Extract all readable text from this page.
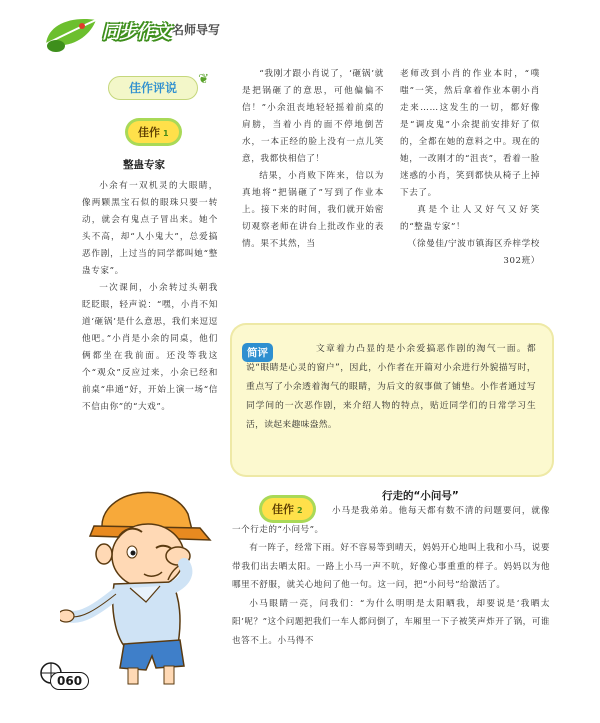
同步作文 名师导写
佳作评说
❦
佳作 1
整蛊专家

小余有一双机灵的大眼睛，像两颗黑宝石似的眼珠只要一转动，就会有鬼点子冒出来。她个头不高，却“人小鬼大”，总爱搞恶作剧，上过当的同学都叫她“整蛊专家”。

一次课间，小余转过头朝我眨眨眼，轻声说：“嘿，小肖不知道‘砸锅’是什么意思，我们来逗逗他吧。”小肖是小余的同桌，他们俩都坐在我前面。还没等我这个“观众”反应过来，小余已经和前桌“串通”好，开始上演一场“信不信由你”的“大戏”。

“我刚才跟小肖说了，‘砸锅’就是把锅砸了的意思，可他偏偏不信！”小余沮丧地轻轻摇着前桌的肩膀，当着小肖的面不停地倒苦水，一本正经的脸上没有一点儿笑意，我都快相信了！

结果，小肖败下阵来，信以为真地将“把锅砸了”写到了作业本上。接下来的时间，我们就开始密切观察老师在讲台上批改作业的表情。果不其然，当

老师改到小肖的作业本时，“噗嗤”一笑，然后拿着作业本朝小肖走来……这发生的一切，都好像是“调皮鬼”小余提前安排好了似的，全都在她的意料之中。现在的她，一改刚才的“沮丧”，看着一脸迷惑的小肖，笑到都快从椅子上掉下去了。

真是个让人又好气又好笑的“整蛊专家”！

（徐曼佳/宁波市镇海区乔梓学校302班）

简评	文章着力凸显的是小余爱搞恶作剧的淘气一面。都说“眼睛是心灵的窗户”，因此，小作者在开篇对小余进行外貌描写时，重点写了小余透着淘气的眼睛，为后文的叙事做了铺垫。小作者通过写同学间的一次恶作剧，来介绍人物的特点，贴近同学们的日常学习生活，读起来趣味盎然。
佳作 2
行走的“小问号”

小马是我弟弟。他每天都有数不清的问题要问，就像一个行走的“小问号”。

有一阵子，经常下雨。好不容易等到晴天，妈妈开心地叫上我和小马，说要带我们出去晒太阳。一路上小马一声不吭，好像心事重重的样子。妈妈以为他哪里不舒服，就关心地问了他一句。这一问，把“小问号”给激活了。

小马眼睛一亮，问我们：“为什么明明是太阳晒我，却要说是‘我晒太阳’呢？”这个问题把我们一车人都问倒了，车厢里一下子被笑声炸开了锅，可谁也答不上。小马得不

060
